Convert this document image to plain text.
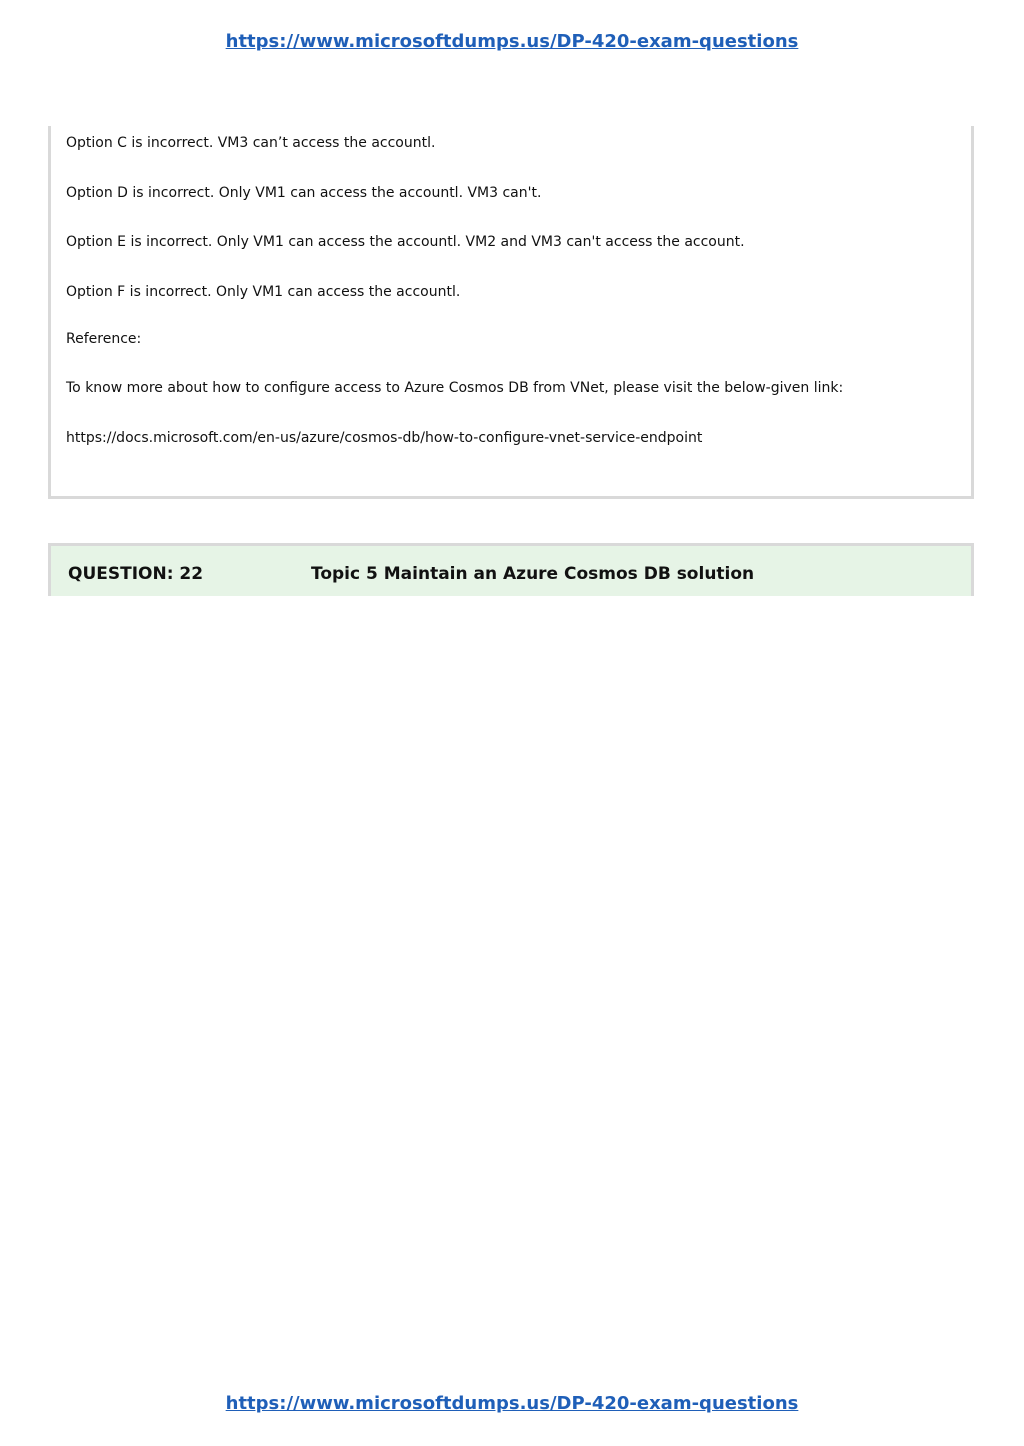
https://www.microsoftdumps.us/DP-420-exam-questions
Option C is incorrect. VM3 can’t access the accountl.
Option D is incorrect. Only VM1 can access the accountl. VM3 can't.
Option E is incorrect. Only VM1 can access the accountl. VM2 and VM3 can't access the account.
Option F is incorrect. Only VM1 can access the accountl.
Reference:
To know more about how to configure access to Azure Cosmos DB from VNet, please visit the below-given link:
https://docs.microsoft.com/en-us/azure/cosmos-db/how-to-configure-vnet-service-endpoint
QUESTION: 22	Topic 5 Maintain an Azure Cosmos DB solution
https://www.microsoftdumps.us/DP-420-exam-questions
